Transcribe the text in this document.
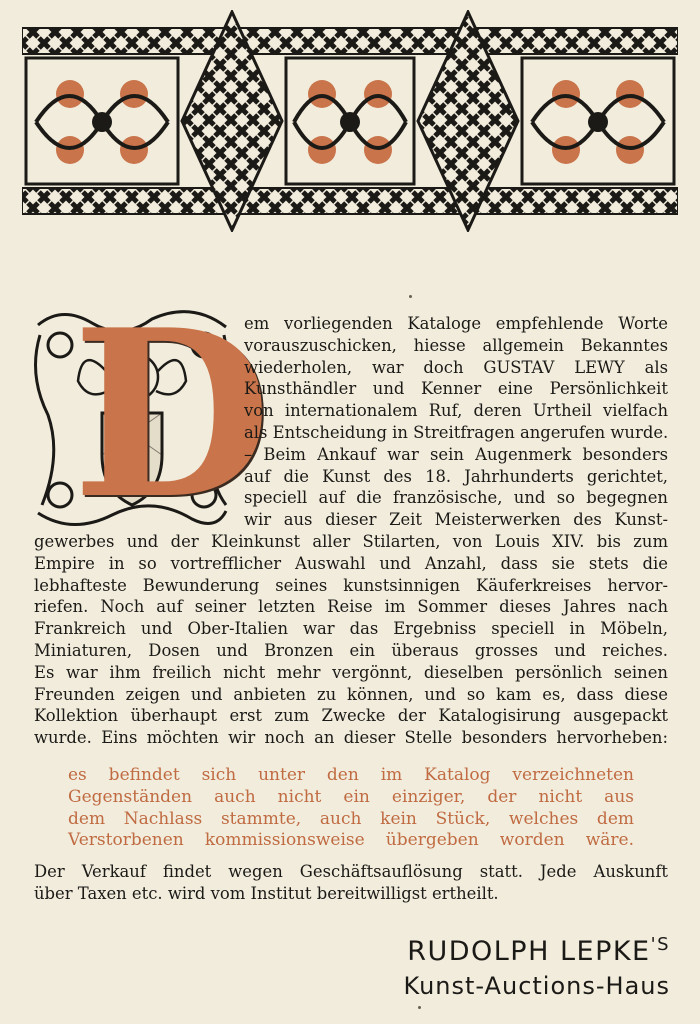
D
em vorliegenden Kataloge empfehlende Worte
vorauszuschicken, hiesse allgemein Bekanntes
wiederholen, war doch GUSTAV LEWY als
Kunsthändler und Kenner eine Persönlichkeit
von internationalem Ruf, deren Urtheil vielfach
als Entscheidung in Streitfragen angerufen wurde.
– Beim Ankauf war sein Augenmerk besonders
auf die Kunst des 18. Jahrhunderts gerichtet,
speciell auf die französische, und so begegnen
wir aus dieser Zeit Meisterwerken des Kunst-
gewerbes und der Kleinkunst aller Stilarten, von Louis XIV. bis zum
Empire in so vortrefflicher Auswahl und Anzahl, dass sie stets die
lebhafteste Bewunderung seines kunstsinnigen Käuferkreises hervor-
riefen. Noch auf seiner letzten Reise im Sommer dieses Jahres nach
Frankreich und Ober-Italien war das Ergebniss speciell in Möbeln,
Miniaturen, Dosen und Bronzen ein überaus grosses und reiches.
Es war ihm freilich nicht mehr vergönnt, dieselben persönlich seinen
Freunden zeigen und anbieten zu können, und so kam es, dass diese
Kollektion überhaupt erst zum Zwecke der Katalogisirung ausgepackt
wurde. Eins möchten wir noch an dieser Stelle besonders hervorheben:
es befindet sich unter den im Katalog verzeichneten
Gegenständen auch nicht ein einziger, der nicht aus
dem Nachlass stammte, auch kein Stück, welches dem
Verstorbenen kommissionsweise übergeben worden wäre.
Der Verkauf findet wegen Geschäftsauflösung statt. Jede Auskunft
über Taxen etc. wird vom Institut bereitwilligst ertheilt.
RUDOLPH $LEPKE^{'S}$
Kunst-Auctions-Haus
